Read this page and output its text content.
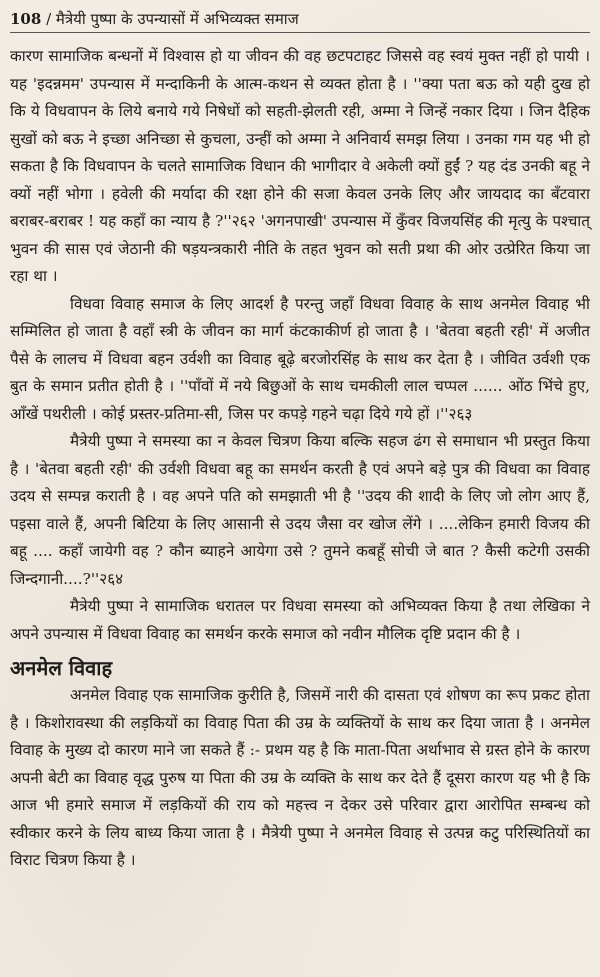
108 / मैत्रेयी पुष्पा के उपन्यासों में अभिव्यक्त समाज

कारण सामाजिक बन्धनों में विश्वास हो या जीवन की वह छटपटाहट जिससे वह स्वयं मुक्त नहीं हो पायी । यह 'इदन्नमम' उपन्यास में मन्दाकिनी के आत्म-कथन से व्यक्त होता है । ''क्या पता बऊ को यही दुख हो कि ये विधवापन के लिये बनाये गये निषेधों को सहती-झेलती रही, अम्मा ने जिन्हें नकार दिया । जिन दैहिक सुखों को बऊ ने इच्छा अनिच्छा से कुचला, उन्हीं को अम्मा ने अनिवार्य समझ लिया । उनका गम यह भी हो सकता है कि विधवापन के चलते सामाजिक विधान की भागीदार वे अकेली क्यों हुईं ? यह दंड उनकी बहू ने क्यों नहीं भोगा । हवेली की मर्यादा की रक्षा होने की सजा केवल उनके लिए और जायदाद का बँटवारा बराबर-बराबर ! यह कहाँ का न्याय है ?''२६२ 'अगनपाखी' उपन्यास में कुँवर विजयसिंह की मृत्यु के पश्चात् भुवन की सास एवं जेठानी की षड़यन्त्रकारी नीति के तहत भुवन को सती प्रथा की ओर उत्प्रेरित किया जा रहा था ।

विधवा विवाह समाज के लिए आदर्श है परन्तु जहाँ विधवा विवाह के साथ अनमेल विवाह भी सम्मिलित हो जाता है वहाँ स्त्री के जीवन का मार्ग कंटकाकीर्ण हो जाता है । 'बेतवा बहती रही' में अजीत पैसे के लालच में विधवा बहन उर्वशी का विवाह बूढ़े बरजोरसिंह के साथ कर देता है । जीवित उर्वशी एक बुत के समान प्रतीत होती है । ''पाँवों में नये बिछुओं के साथ चमकीली लाल चप्पल ...... ओंठ भिंचे हुए, आँखें पथरीली । कोई प्रस्तर-प्रतिमा-सी, जिस पर कपड़े गहने चढ़ा दिये गये हों ।''२६३

मैत्रेयी पुष्पा ने समस्या का न केवल चित्रण किया बल्कि सहज ढंग से समाधान भी प्रस्तुत किया है । 'बेतवा बहती रही' की उर्वशी विधवा बहू का समर्थन करती है एवं अपने बड़े पुत्र की विधवा का विवाह उदय से सम्पन्न कराती है । वह अपने पति को समझाती भी है ''उदय की शादी के लिए जो लोग आए हैं, पइसा वाले हैं, अपनी बिटिया के लिए आसानी से उदय जैसा वर खोज लेंगे । ....लेकिन हमारी विजय की बहू .... कहाँ जायेगी वह ? कौन ब्याहने आयेगा उसे ? तुमने कबहूँ सोची जे बात ? कैसी कटेगी उसकी जिन्दगानी....?''२६४

मैत्रेयी पुष्पा ने सामाजिक धरातल पर विधवा समस्या को अभिव्यक्त किया है तथा लेखिका ने अपने उपन्यास में विधवा विवाह का समर्थन करके समाज को नवीन मौलिक दृष्टि प्रदान की है ।

अनमेल विवाह

अनमेल विवाह एक सामाजिक कुरीति है, जिसमें नारी की दासता एवं शोषण का रूप प्रकट होता है । किशोरावस्था की लड़कियों का विवाह पिता की उम्र के व्यक्तियों के साथ कर दिया जाता है । अनमेल विवाह के मुख्य दो कारण माने जा सकते हैं :- प्रथम यह है कि माता-पिता अर्थाभाव से ग्रस्त होने के कारण अपनी बेटी का विवाह वृद्ध पुरुष या पिता की उम्र के व्यक्ति के साथ कर देते हैं दूसरा कारण यह भी है कि आज भी हमारे समाज में लड़कियों की राय को महत्त्व न देकर उसे परिवार द्वारा आरोपित सम्बन्ध को स्वीकार करने के लिय बाध्य किया जाता है । मैत्रेयी पुष्पा ने अनमेल विवाह से उत्पन्न कटु परिस्थितियों का विराट चित्रण किया है ।
